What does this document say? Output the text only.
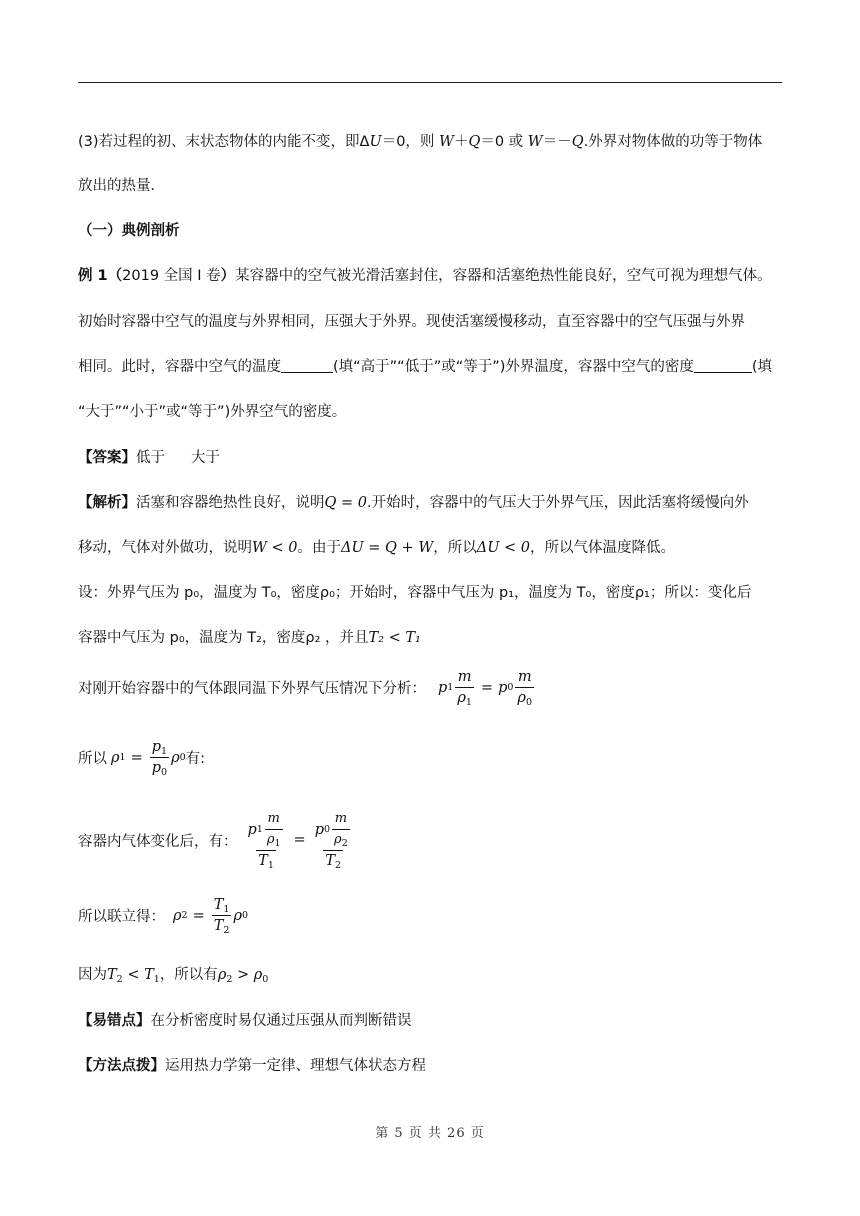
(3)若过程的初、末状态物体的内能不变，即ΔU＝0，则 W＋Q＝0 或 W＝－Q.外界对物体做的功等于物体
放出的热量．
（一）典例剖析
例 1（2019 全国 I 卷）某容器中的空气被光滑活塞封住，容器和活塞绝热性能良好，空气可视为理想气体。
初始时容器中空气的温度与外界相同，压强大于外界。现使活塞缓慢移动，直至容器中的空气压强与外界
相同。此时，容器中空气的温度	(填“高于”“低于”或“等于”)外界温度，容器中空气的密度	(填
“大于”“小于”或“等于”)外界空气的密度。
【答案】低于 大于
【解析】活塞和容器绝热性良好，说明Q = 0.开始时，容器中的气压大于外界气压，因此活塞将缓慢向外
移动，气体对外做功，说明W < 0。由于ΔU = Q + W，所以ΔU < 0，所以气体温度降低。
设：外界气压为 p₀，温度为 T₀，密度ρ₀；开始时，容器中气压为 p₁，温度为 T₀，密度ρ₁；所以：变化后
容器中气压为 p₀，温度为 T₂，密度ρ₂ ，并且T₂ < T₁
对刚开始容器中的气体跟同温下外界气压情况下分析： p $1 \frac{m}{\rho_1} = p$ $0 \frac{m}{\rho_0}$
所以 ρ $1 = \frac{p_1}{p_0}$ ρ 0 有:
容器内气体变化后，有： $\frac{p 1 \frac{m}{\rho_1}}{T_1} = \frac{p 0 \frac{m}{\rho_2}}{T_2}$
所以联立得： ρ $2 = \frac{T_1}{T_2}$ ρ 0
因为$T_2 < T_1$，所以有$\rho_2 > \rho_0$
【易错点】在分析密度时易仅通过压强从而判断错误
【方法点拨】运用热力学第一定律、理想气体状态方程
第 5 页 共 26 页
